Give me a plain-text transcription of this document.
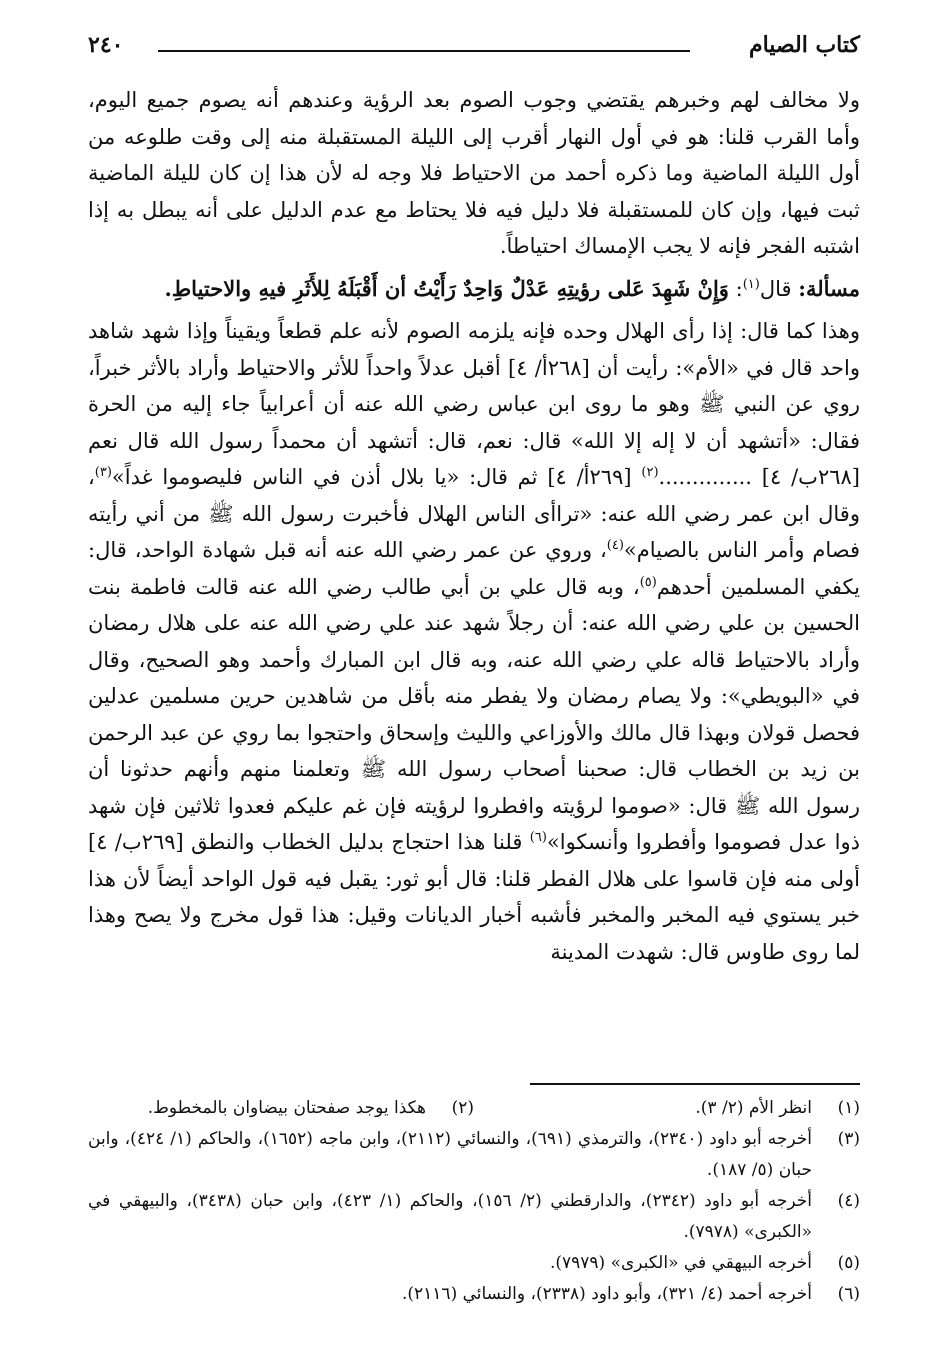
كتاب الصيام
٢٤٠

ولا مخالف لهم وخبرهم يقتضي وجوب الصوم بعد الرؤية وعندهم أنه يصوم جميع اليوم، وأما القرب قلنا: هو في أول النهار أقرب إلى الليلة المستقبلة منه إلى وقت طلوعه من أول الليلة الماضية وما ذكره أحمد من الاحتياط فلا وجه له لأن هذا إن كان لليلة الماضية ثبت فيها، وإن كان للمستقبلة فلا دليل فيه فلا يحتاط مع عدم الدليل على أنه يبطل به إذا اشتبه الفجر فإنه لا يجب الإمساك احتياطاً.

مسألة: قال$^{(١)}$: وَإِنْ شَهِدَ عَلى رؤيتِهِ عَدْلٌ وَاحِدٌ رَأَيْتُ أن أَقْبَلَهُ لِلأَثَرِ فيهِ والاحتياطِ.

وهذا كما قال: إذا رأى الهلال وحده فإنه يلزمه الصوم لأنه علم قطعاً ويقيناً وإذا شهد شاهد واحد قال في «الأم»: رأيت أن [٢٦٨أ/ ٤] أقبل عدلاً واحداً للأثر والاحتياط وأراد بالأثر خبراً، روي عن النبي ﷺ وهو ما روى ابن عباس رضي الله عنه أن أعرابياً جاء إليه من الحرة فقال: «أتشهد أن لا إله إلا الله» قال: نعم، قال: أتشهد أن محمداً رسول الله قال نعم [٢٦٨ب/ ٤] ..............$^{(٢)}$ [٢٦٩أ/ ٤] ثم قال: «يا بلال أذن في الناس فليصوموا غداً»$^{(٣)}$، وقال ابن عمر رضي الله عنه: «تراأى الناس الهلال فأخبرت رسول الله ﷺ من أني رأيته فصام وأمر الناس بالصيام»$^{(٤)}$، وروي عن عمر رضي الله عنه أنه قبل شهادة الواحد، قال: يكفي المسلمين أحدهم$^{(٥)}$، وبه قال علي بن أبي طالب رضي الله عنه قالت فاطمة بنت الحسين بن علي رضي الله عنه: أن رجلاً شهد عند علي رضي الله عنه على هلال رمضان وأراد بالاحتياط قاله علي رضي الله عنه، وبه قال ابن المبارك وأحمد وهو الصحيح، وقال في «البويطي»: ولا يصام رمضان ولا يفطر منه بأقل من شاهدين حرين مسلمين عدلين فحصل قولان وبهذا قال مالك والأوزاعي والليث وإسحاق واحتجوا بما روي عن عبد الرحمن بن زيد بن الخطاب قال: صحبنا أصحاب رسول الله ﷺ وتعلمنا منهم وأنهم حدثونا أن رسول الله ﷺ قال: «صوموا لرؤيته وافطروا لرؤيته فإن غم عليكم فعدوا ثلاثين فإن شهد ذوا عدل فصوموا وأفطروا وأنسكوا»$^{(٦)}$ قلنا هذا احتجاج بدليل الخطاب والنطق [٢٦٩ب/ ٤] أولى منه فإن قاسوا على هلال الفطر قلنا: قال أبو ثور: يقبل فيه قول الواحد أيضاً لأن هذا خبر يستوي فيه المخبر والمخبر فأشبه أخبار الديانات وقيل: هذا قول مخرج ولا يصح وهذا لما روى طاوس قال: شهدت المدينة

(١)
انظر الأم (٢/ ٣).
(٢)
هكذا يوجد صفحتان بيضاوان بالمخطوط.
(٣)
أخرجه أبو داود (٢٣٤٠)، والترمذي (٦٩١)، والنسائي (٢١١٢)، وابن ماجه (١٦٥٢)، والحاكم (١/ ٤٢٤)، وابن حبان (٥/ ١٨٧).
(٤)
أخرجه أبو داود (٢٣٤٢)، والدارقطني (٢/ ١٥٦)، والحاكم (١/ ٤٢٣)، وابن حبان (٣٤٣٨)، والبيهقي في «الكبرى» (٧٩٧٨).
(٥)
أخرجه البيهقي في «الكبرى» (٧٩٧٩).
(٦)
أخرجه أحمد (٤/ ٣٢١)، وأبو داود (٢٣٣٨)، والنسائي (٢١١٦).
